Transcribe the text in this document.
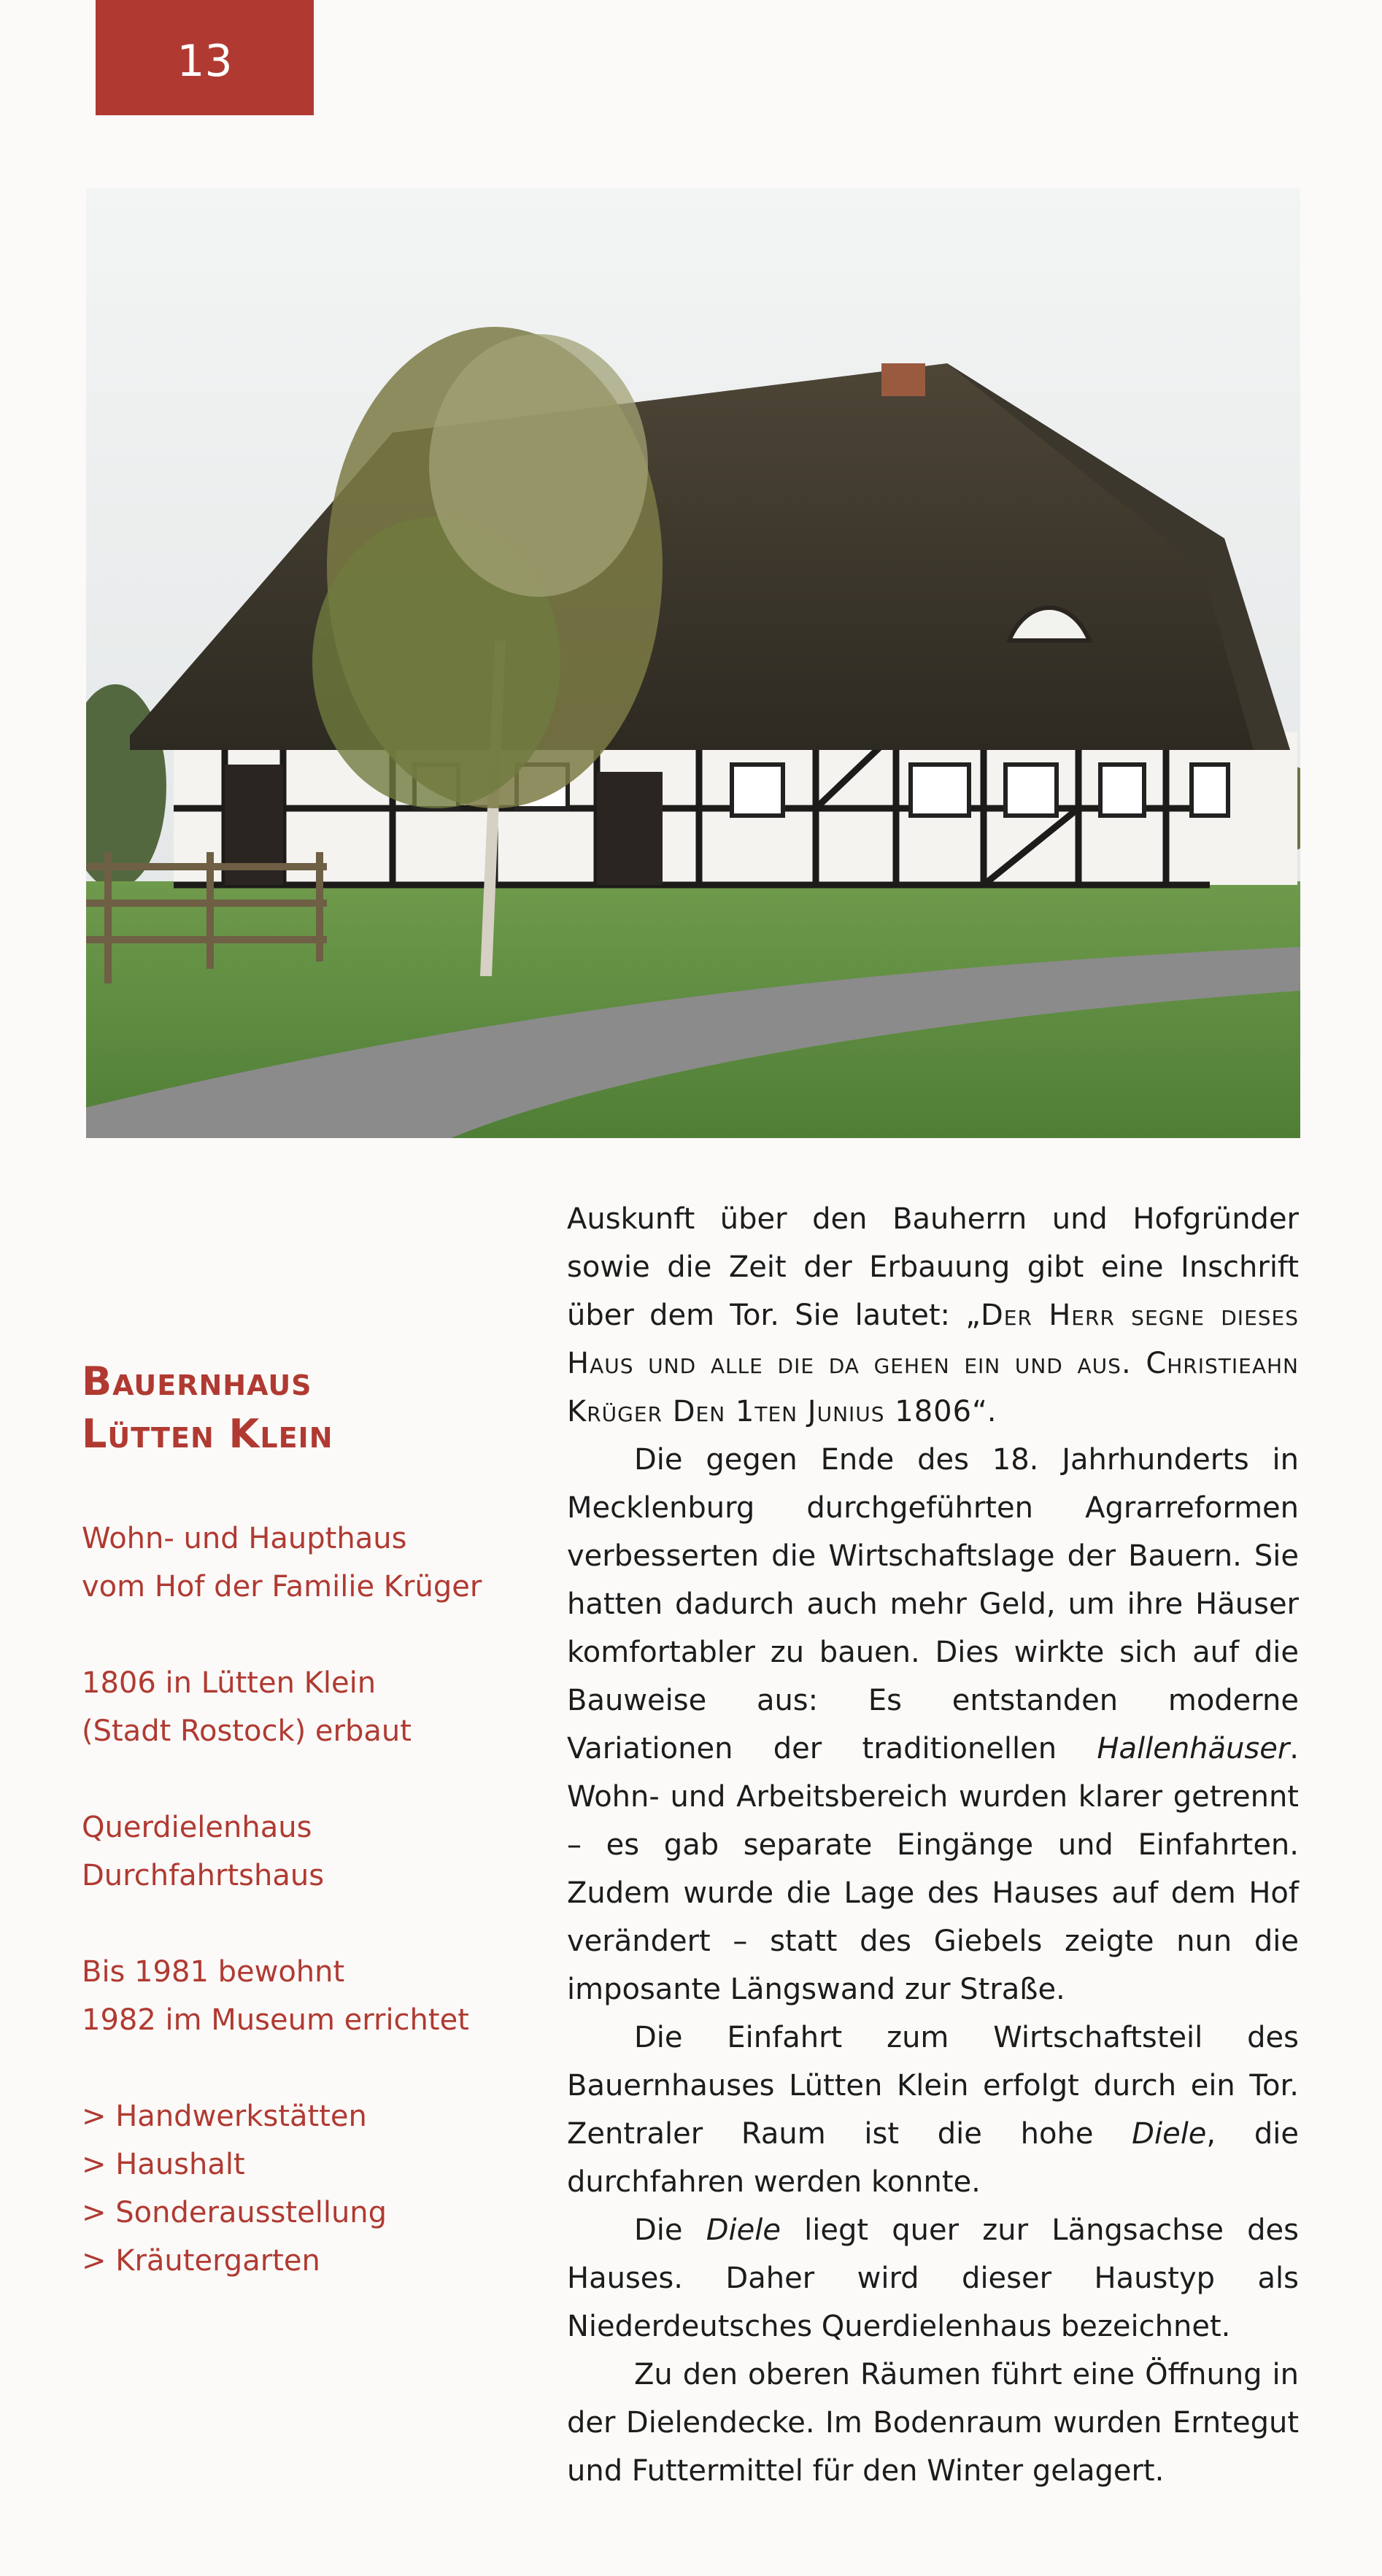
13
Bauernhaus
Lütten Klein
Wohn- und Haupthaus
vom Hof der Familie Krüger
1806 in Lütten Klein
(Stadt Rostock) erbaut
Querdielenhaus
Durchfahrtshaus
Bis 1981 bewohnt
1982 im Museum errichtet
> Handwerkstätten
> Haushalt
> Sonderausstellung
> Kräutergarten

Auskunft über den Bauherrn und Hofgründer sowie die Zeit der Erbauung gibt eine Inschrift über dem Tor. Sie lautet: „Der Herr segne dieses Haus und alle die da gehen ein und aus. Christieahn Krüger Den 1ten Junius 1806“.

Die gegen Ende des 18. Jahrhunderts in Mecklenburg durchgeführten Agrarreformen verbesserten die Wirtschaftslage der Bauern. Sie hatten dadurch auch mehr Geld, um ihre Häuser komfortabler zu bauen. Dies wirkte sich auf die Bauweise aus: Es entstanden moderne Variationen der traditionellen Hallenhäuser. Wohn- und Arbeitsbereich wurden klarer getrennt – es gab separate Eingänge und Einfahrten. Zudem wurde die Lage des Hauses auf dem Hof verändert – statt des Giebels zeigte nun die imposante Längswand zur Straße.

Die Einfahrt zum Wirtschaftsteil des Bauernhauses Lütten Klein erfolgt durch ein Tor. Zentraler Raum ist die hohe Diele, die durchfahren werden konnte.

Die Diele liegt quer zur Längsachse des Hauses. Daher wird dieser Haustyp als Niederdeutsches Querdielenhaus bezeichnet.

Zu den oberen Räumen führt eine Öffnung in der Dielendecke. Im Bodenraum wurden Erntegut und Futtermittel für den Winter gelagert.
